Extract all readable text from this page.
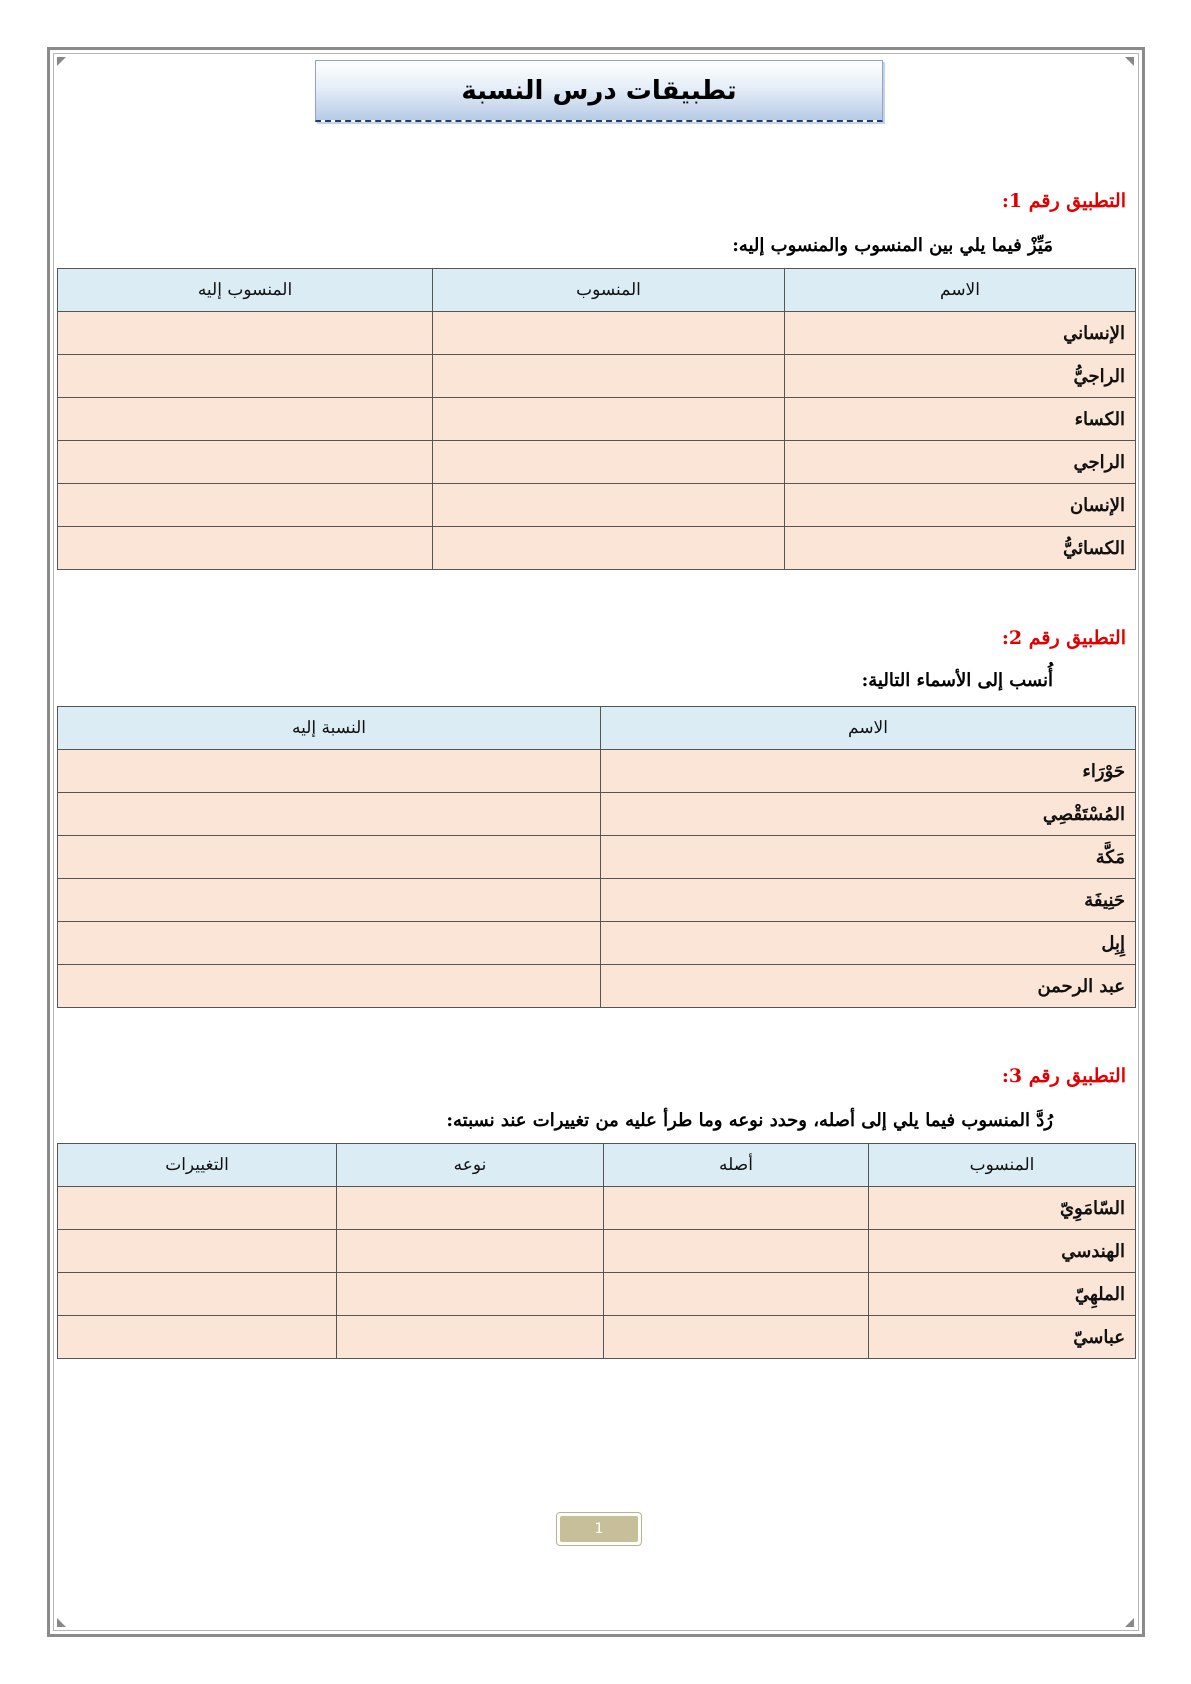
تطبيقات درس النسبة
التطبيق رقم 1:
مَيِّزْ فيما يلي بين المنسوب والمنسوب إليه:
الاسم	المنسوب	المنسوب إليه
الإنساني		
الراجيُّ		
الكساء		
الراجي		
الإنسان		
الكسائيُّ		
التطبيق رقم 2:
أُنسب إلى الأسماء التالية:
الاسم	النسبة إليه
حَوْرَاء	
المُسْتَقْصِي	
مَكَّة	
حَنِيفَة	
إِبِل	
عبد الرحمن	
التطبيق رقم 3:
رُدَّ المنسوب فيما يلي إلى أصله، وحدد نوعه وما طرأ عليه من تغييرات عند نسبته:
المنسوب	أصله	نوعه	التغييرات
السّامَوِيّ			
الهندسي			
الملهِيّ			
عباسيّ			
1
